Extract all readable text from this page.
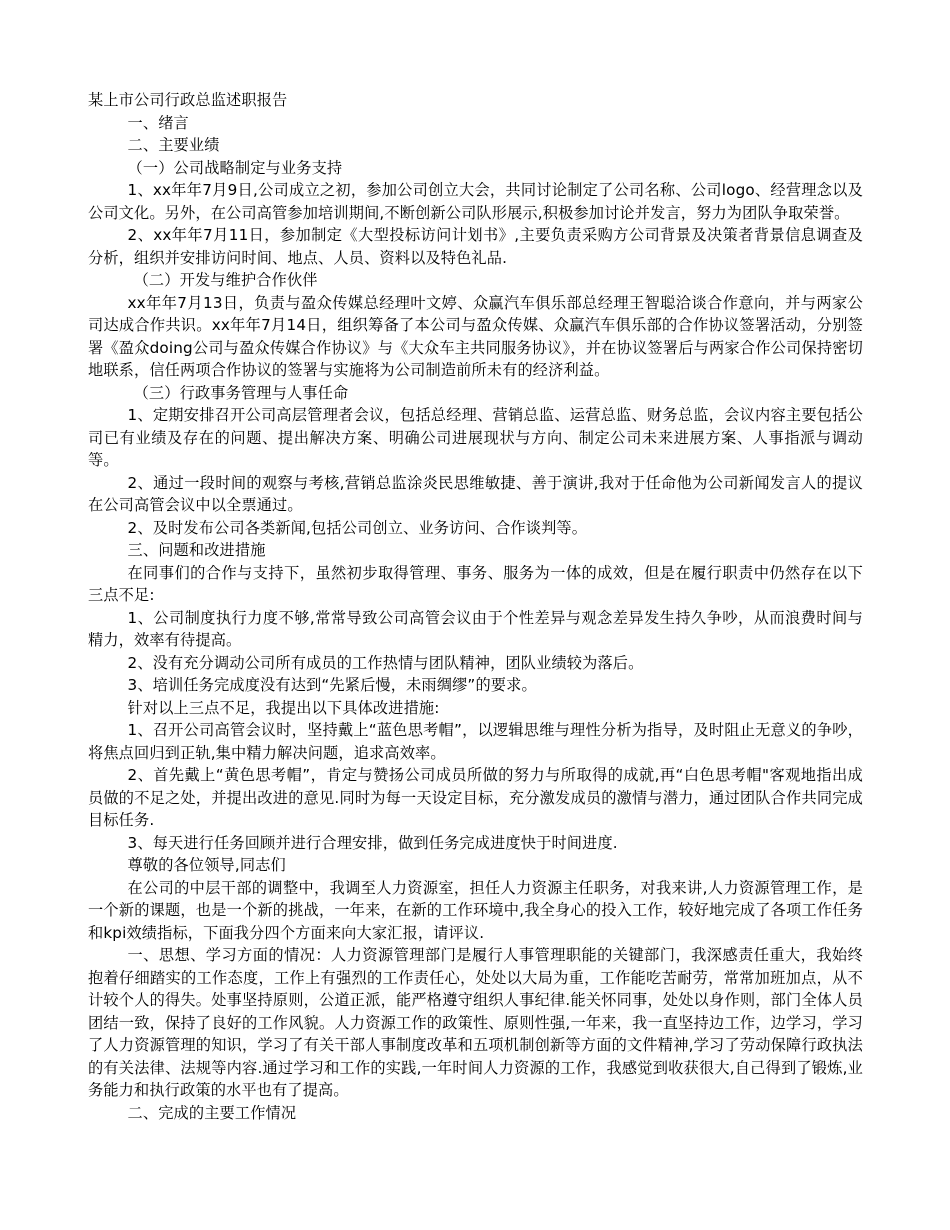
某上市公司行政总监述职报告

一、绪言

二、主要业绩

（一）公司战略制定与业务支持

1、xx年年7月9日,公司成立之初，参加公司创立大会，共同讨论制定了公司名称、公司logo、经营理念以及公司文化。另外，在公司高管参加培训期间,不断创新公司队形展示,积极参加讨论并发言，努力为团队争取荣誉。

2、xx年年7月11日，参加制定《大型投标访问计划书》,主要负责采购方公司背景及决策者背景信息调查及分析，组织并安排访问时间、地点、人员、资料以及特色礼品.

（二）开发与维护合作伙伴

xx年年7月13日，负责与盈众传媒总经理叶文婷、众赢汽车俱乐部总经理王智聪洽谈合作意向，并与两家公司达成合作共识。xx年年7月14日，组织筹备了本公司与盈众传媒、众赢汽车俱乐部的合作协议签署活动，分别签署《盈众doing公司与盈众传媒合作协议》与《大众车主共同服务协议》，并在协议签署后与两家合作公司保持密切地联系，信任两项合作协议的签署与实施将为公司制造前所未有的经济利益。

（三）行政事务管理与人事任命

1、定期安排召开公司高层管理者会议，包括总经理、营销总监、运营总监、财务总监，会议内容主要包括公司已有业绩及存在的问题、提出解决方案、明确公司进展现状与方向、制定公司未来进展方案、人事指派与调动等。

2、通过一段时间的观察与考核,营销总监涂炎民思维敏捷、善于演讲,我对于任命他为公司新闻发言人的提议在公司高管会议中以全票通过。

2、及时发布公司各类新闻,包括公司创立、业务访问、合作谈判等。

三、问题和改进措施

在同事们的合作与支持下，虽然初步取得管理、事务、服务为一体的成效，但是在履行职责中仍然存在以下三点不足:

1、公司制度执行力度不够,常常导致公司高管会议由于个性差异与观念差异发生持久争吵，从而浪费时间与精力，效率有待提高。

2、没有充分调动公司所有成员的工作热情与团队精神，团队业绩较为落后。

3、培训任务完成度没有达到“先紧后慢，未雨绸缪”的要求。

针对以上三点不足，我提出以下具体改进措施:

1、召开公司高管会议时，坚持戴上“蓝色思考帽”，以逻辑思维与理性分析为指导，及时阻止无意义的争吵，将焦点回归到正轨,集中精力解决问题，追求高效率。

2、首先戴上“黄色思考帽”，肯定与赞扬公司成员所做的努力与所取得的成就,再“白色思考帽"客观地指出成员做的不足之处，并提出改进的意见.同时为每一天设定目标，充分激发成员的激情与潜力，通过团队合作共同完成目标任务.

3、每天进行任务回顾并进行合理安排，做到任务完成进度快于时间进度.

尊敬的各位领导,同志们

在公司的中层干部的调整中，我调至人力资源室，担任人力资源主任职务，对我来讲,人力资源管理工作，是一个新的课题，也是一个新的挑战，一年来，在新的工作环境中,我全身心的投入工作，较好地完成了各项工作任务和kpi效绩指标，下面我分四个方面来向大家汇报，请评议.

一、思想、学习方面的情况：人力资源管理部门是履行人事管理职能的关键部门，我深感责任重大，我始终抱着仔细踏实的工作态度，工作上有强烈的工作责任心，处处以大局为重，工作能吃苦耐劳，常常加班加点，从不计较个人的得失。处事坚持原则，公道正派，能严格遵守组织人事纪律.能关怀同事，处处以身作则，部门全体人员团结一致，保持了良好的工作风貌。人力资源工作的政策性、原则性强,一年来，我一直坚持边工作，边学习，学习了人力资源管理的知识，学习了有关干部人事制度改革和五项机制创新等方面的文件精神,学习了劳动保障行政执法的有关法律、法规等内容.通过学习和工作的实践,一年时间人力资源的工作，我感觉到收获很大,自己得到了锻炼,业务能力和执行政策的水平也有了提高。

二、完成的主要工作情况
